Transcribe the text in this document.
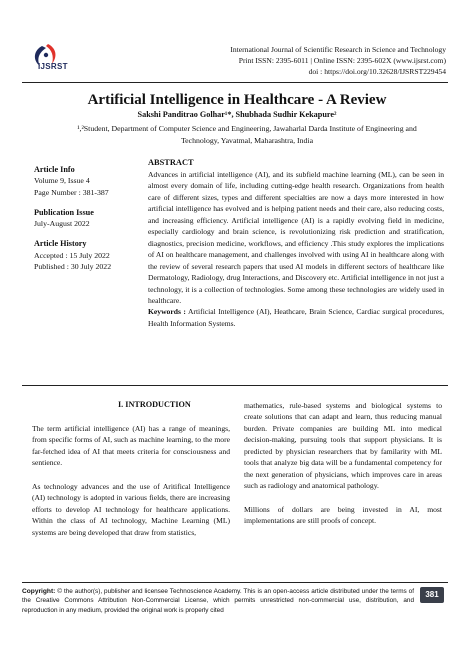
IJSRST
International Journal of Scientific Research in Science and Technology
Print ISSN: 2395-6011 | Online ISSN: 2395-602X (www.ijsrst.com)
doi : https://doi.org/10.32628/IJSRST229454
Artificial Intelligence in Healthcare - A Review
Sakshi Panditrao Golhar¹*, Shubhada Sudhir Kekapure²
¹,²Student, Department of Computer Science and Engineering, Jawaharlal Darda Institute of Engineering and
Technology, Yavatmal, Maharashtra, India
Article Info
Volume 9, Issue 4
Page Number : 381-387
Publication Issue
July-August 2022
Article History
Accepted : 15 July 2022
Published : 30 July 2022
ABSTRACT
Advances in artificial intelligence (AI), and its subfield machine learning (ML), can be seen in almost every domain of life, including cutting-edge health research. Organizations from health care of different sizes, types and different specialties are now a days more interested in how artificial intelligence has evolved and is helping patient needs and their care, also reducing costs, and increasing efficiency. Artificial intelligence (AI) is a rapidly evolving field in medicine, especially cardiology and brain science, is revolutionizing risk prediction and stratification, diagnostics, precision medicine, workflows, and efficiency .This study explores the implications of AI on healthcare management, and challenges involved with using AI in healthcare along with the review of several research papers that used AI models in different sectors of healthcare like Dermatology, Radiology, drug Interactions, and Discovery etc. Artificial intelligence in not just a technology, it is a collection of technologies. Some among these technologies are widely used in healthcare.
Keywords : Artificial Intelligence (AI), Heathcare, Brain Science, Cardiac surgical procedures, Health Information Systems.
I. INTRODUCTION

The term artificial intelligence (AI) has a range of meanings, from specific forms of AI, such as machine learning, to the more far-fetched idea of AI that meets criteria for consciousness and sentience.

As technology advances and the use of Aritifical Intelligence (AI) technology is adopted in various fields, there are increasing efforts to develop AI technology for healthcare applications. Within the class of AI technology, Machine Learning (ML) systems are being developed that draw from statistics,

mathematics, rule-based systems and biological systems to create solutions that can adapt and learn, thus reducing manual burden. Private companies are building ML into medical decision-making, pursuing tools that support physicians. It is predicted by physician researchers that by familarity with ML tools that analyze big data will be a fundamental competency for the next generation of physicians, which improves care in areas such as radiology and anatomical pathology.

Millions of dollars are being invested in AI, most implementations are still proofs of concept.

Copyright: © the author(s), publisher and licensee Technoscience Academy. This is an open-access article distributed under the terms of the Creative Commons Attribution Non-Commercial License, which permits unrestricted non-commercial use, distribution, and reproduction in any medium, provided the original work is properly cited
381
